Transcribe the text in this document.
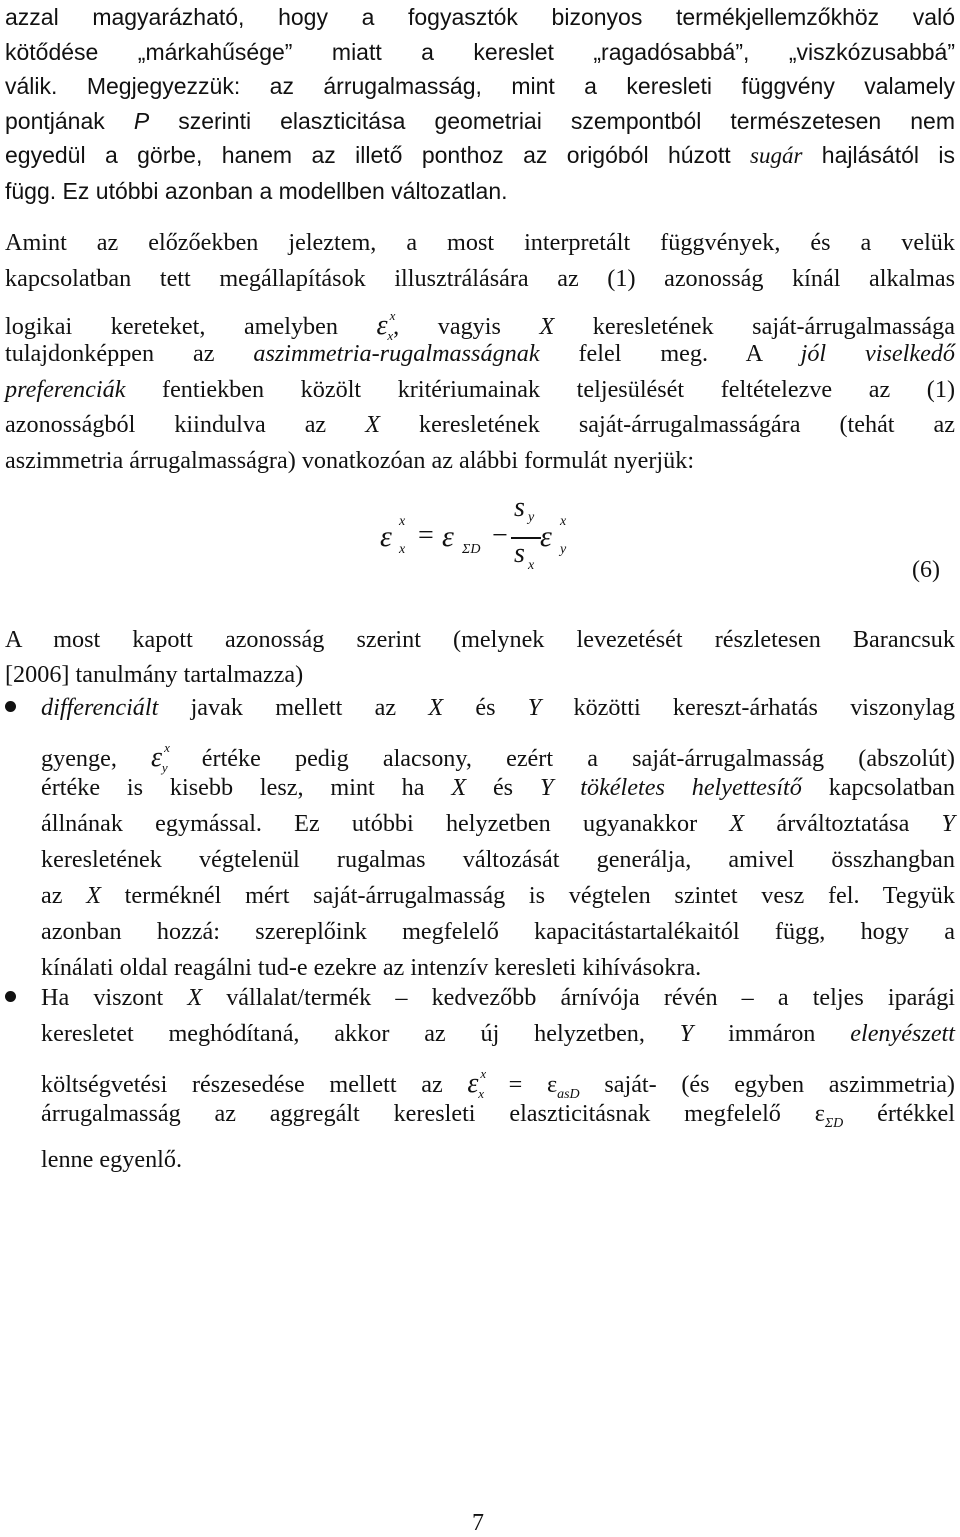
azzal magyarázható, hogy a fogyasztók bizonyos termékjellemzőkhöz való
kötődése „márkahűsége” miatt a kereslet „ragadósabbá”, „viszkózusabbá”
válik. Megjegyezzük: az árrugalmasság, mint a keresleti függvény valamely
pontjának P szerinti elaszticitása geometriai szempontból természetesen nem
egyedül a görbe, hanem az illető ponthoz az origóból húzott sugár hajlásától is
függ. Ez utóbbi azonban a modellben változatlan.
Amint az előzőekben jeleztem, a most interpretált függvények, és a velük
kapcsolatban tett megállapítások illusztrálására az (1) azonosság kínál alkalmas
logikai kereteket, amelyben ε $^x_x$, vagyis X keresletének saját-árrugalmassága
tulajdonképpen az aszimmetria-rugalmasságnak felel meg. A jól viselkedő
preferenciák fentiekben közölt kritériumainak teljesülését feltételezve az (1)
azonosságból kiindulva az X keresletének saját-árrugalmasságára (tehát az
aszimmetria árrugalmasságra) vonatkozóan az alábbi formulát nyerjük:
ε x
x = ε ΣD −
s y
s x
ε x
y
(6)
A most kapott azonosság szerint (melynek levezetését részletesen Barancsuk
[2006] tanulmány tartalmazza)
differenciált javak mellett az X és Y közötti kereszt-árhatás viszonylag
gyenge, ε $^x_y$ értéke pedig alacsony, ezért a saját-árrugalmasság (abszolút)
értéke is kisebb lesz, mint ha X és Y tökéletes helyettesítő kapcsolatban
állnának egymással. Ez utóbbi helyzetben ugyanakkor X árváltoztatása Y
keresletének végtelenül rugalmas változását generálja, amivel összhangban
az X terméknél mért saját-árrugalmasság is végtelen szintet vesz fel. Tegyük
azonban hozzá: szereplőink megfelelő kapacitástartalékaitól függ, hogy a
kínálati oldal reagálni tud-e ezekre az intenzív keresleti kihívásokra.
Ha viszont X vállalat/termék – kedvezőbb árnívója révén – a teljes iparági
keresletet meghódítaná, akkor az új helyzetben, Y immáron elenyészett
költségvetési részesedése mellett az ε $^x_x = \varepsilon_{asD}$ saját- (és egyben aszimmetria)
árrugalmasság az aggregált keresleti elaszticitásnak megfelelő $\varepsilon_{\Sigma D}$ értékkel
lenne egyenlő.
7
